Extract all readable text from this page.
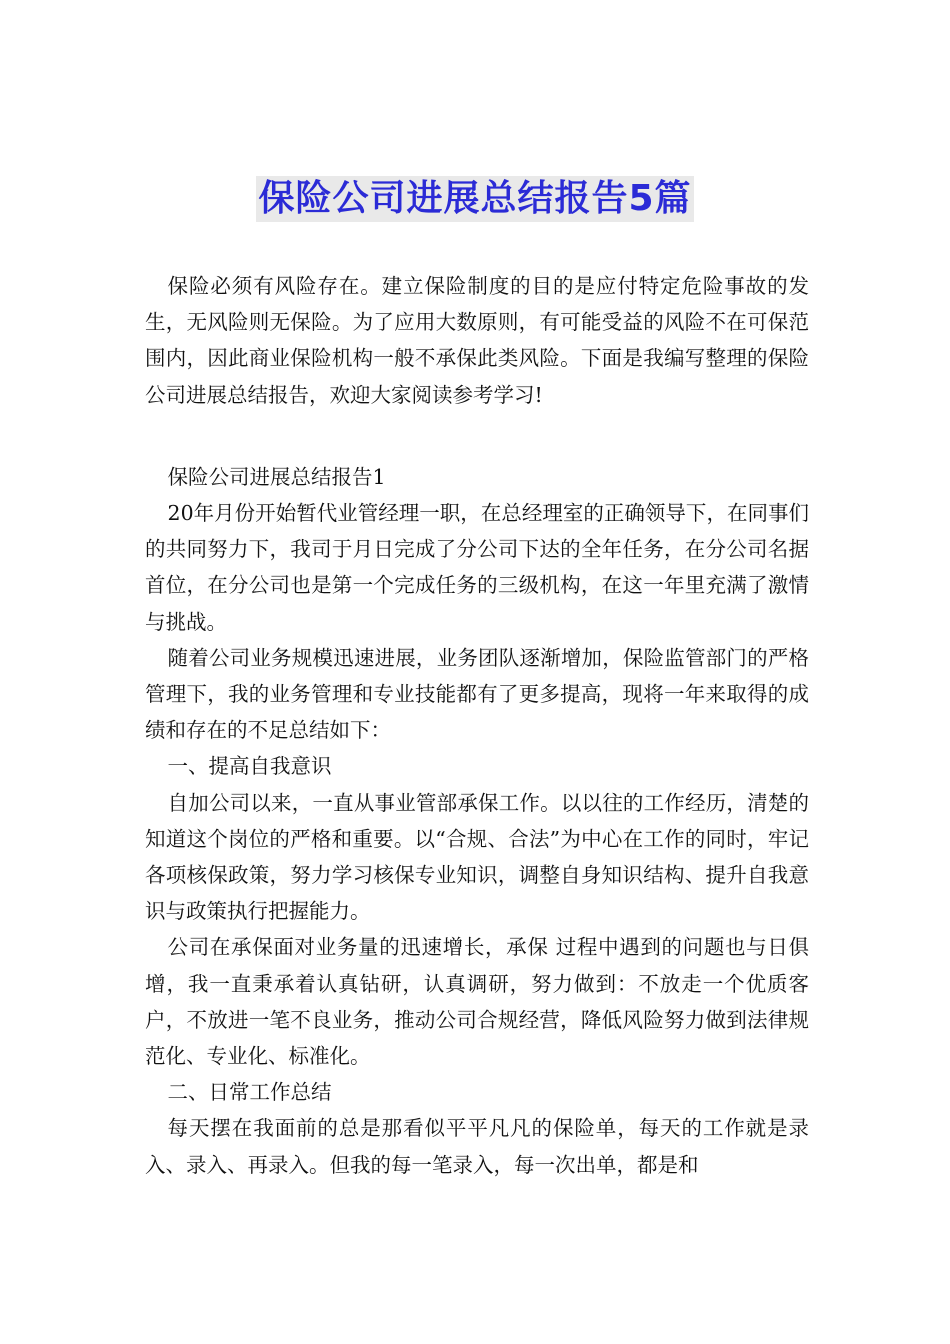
保险公司进展总结报告5篇

保险必须有风险存在。建立保险制度的目的是应付特定危险事故的发生，无风险则无保险。为了应用大数原则，有可能受益的风险不在可保范围内，因此商业保险机构一般不承保此类风险。下面是我编写整理的保险公司进展总结报告，欢迎大家阅读参考学习!

保险公司进展总结报告1

20年月份开始暂代业管经理一职，在总经理室的正确领导下，在同事们的共同努力下，我司于月日完成了分公司下达的全年任务，在分公司名据首位，在分公司也是第一个完成任务的三级机构，在这一年里充满了激情与挑战。

随着公司业务规模迅速进展，业务团队逐渐增加，保险监管部门的严格管理下，我的业务管理和专业技能都有了更多提高，现将一年来取得的成绩和存在的不足总结如下：

一、提高自我意识

自加公司以来，一直从事业管部承保工作。以以往的工作经历，清楚的知道这个岗位的严格和重要。以“合规、合法”为中心在工作的同时，牢记各项核保政策，努力学习核保专业知识，调整自身知识结构、提升自我意识与政策执行把握能力。

公司在承保面对业务量的迅速增长，承保 过程中遇到的问题也与日俱增，我一直秉承着认真钻研，认真调研，努力做到：不放走一个优质客户，不放进一笔不良业务，推动公司合规经营，降低风险努力做到法律规范化、专业化、标准化。

二、日常工作总结

每天摆在我面前的总是那看似平平凡凡的保险单，每天的工作就是录入、录入、再录入。但我的每一笔录入，每一次出单，都是和
